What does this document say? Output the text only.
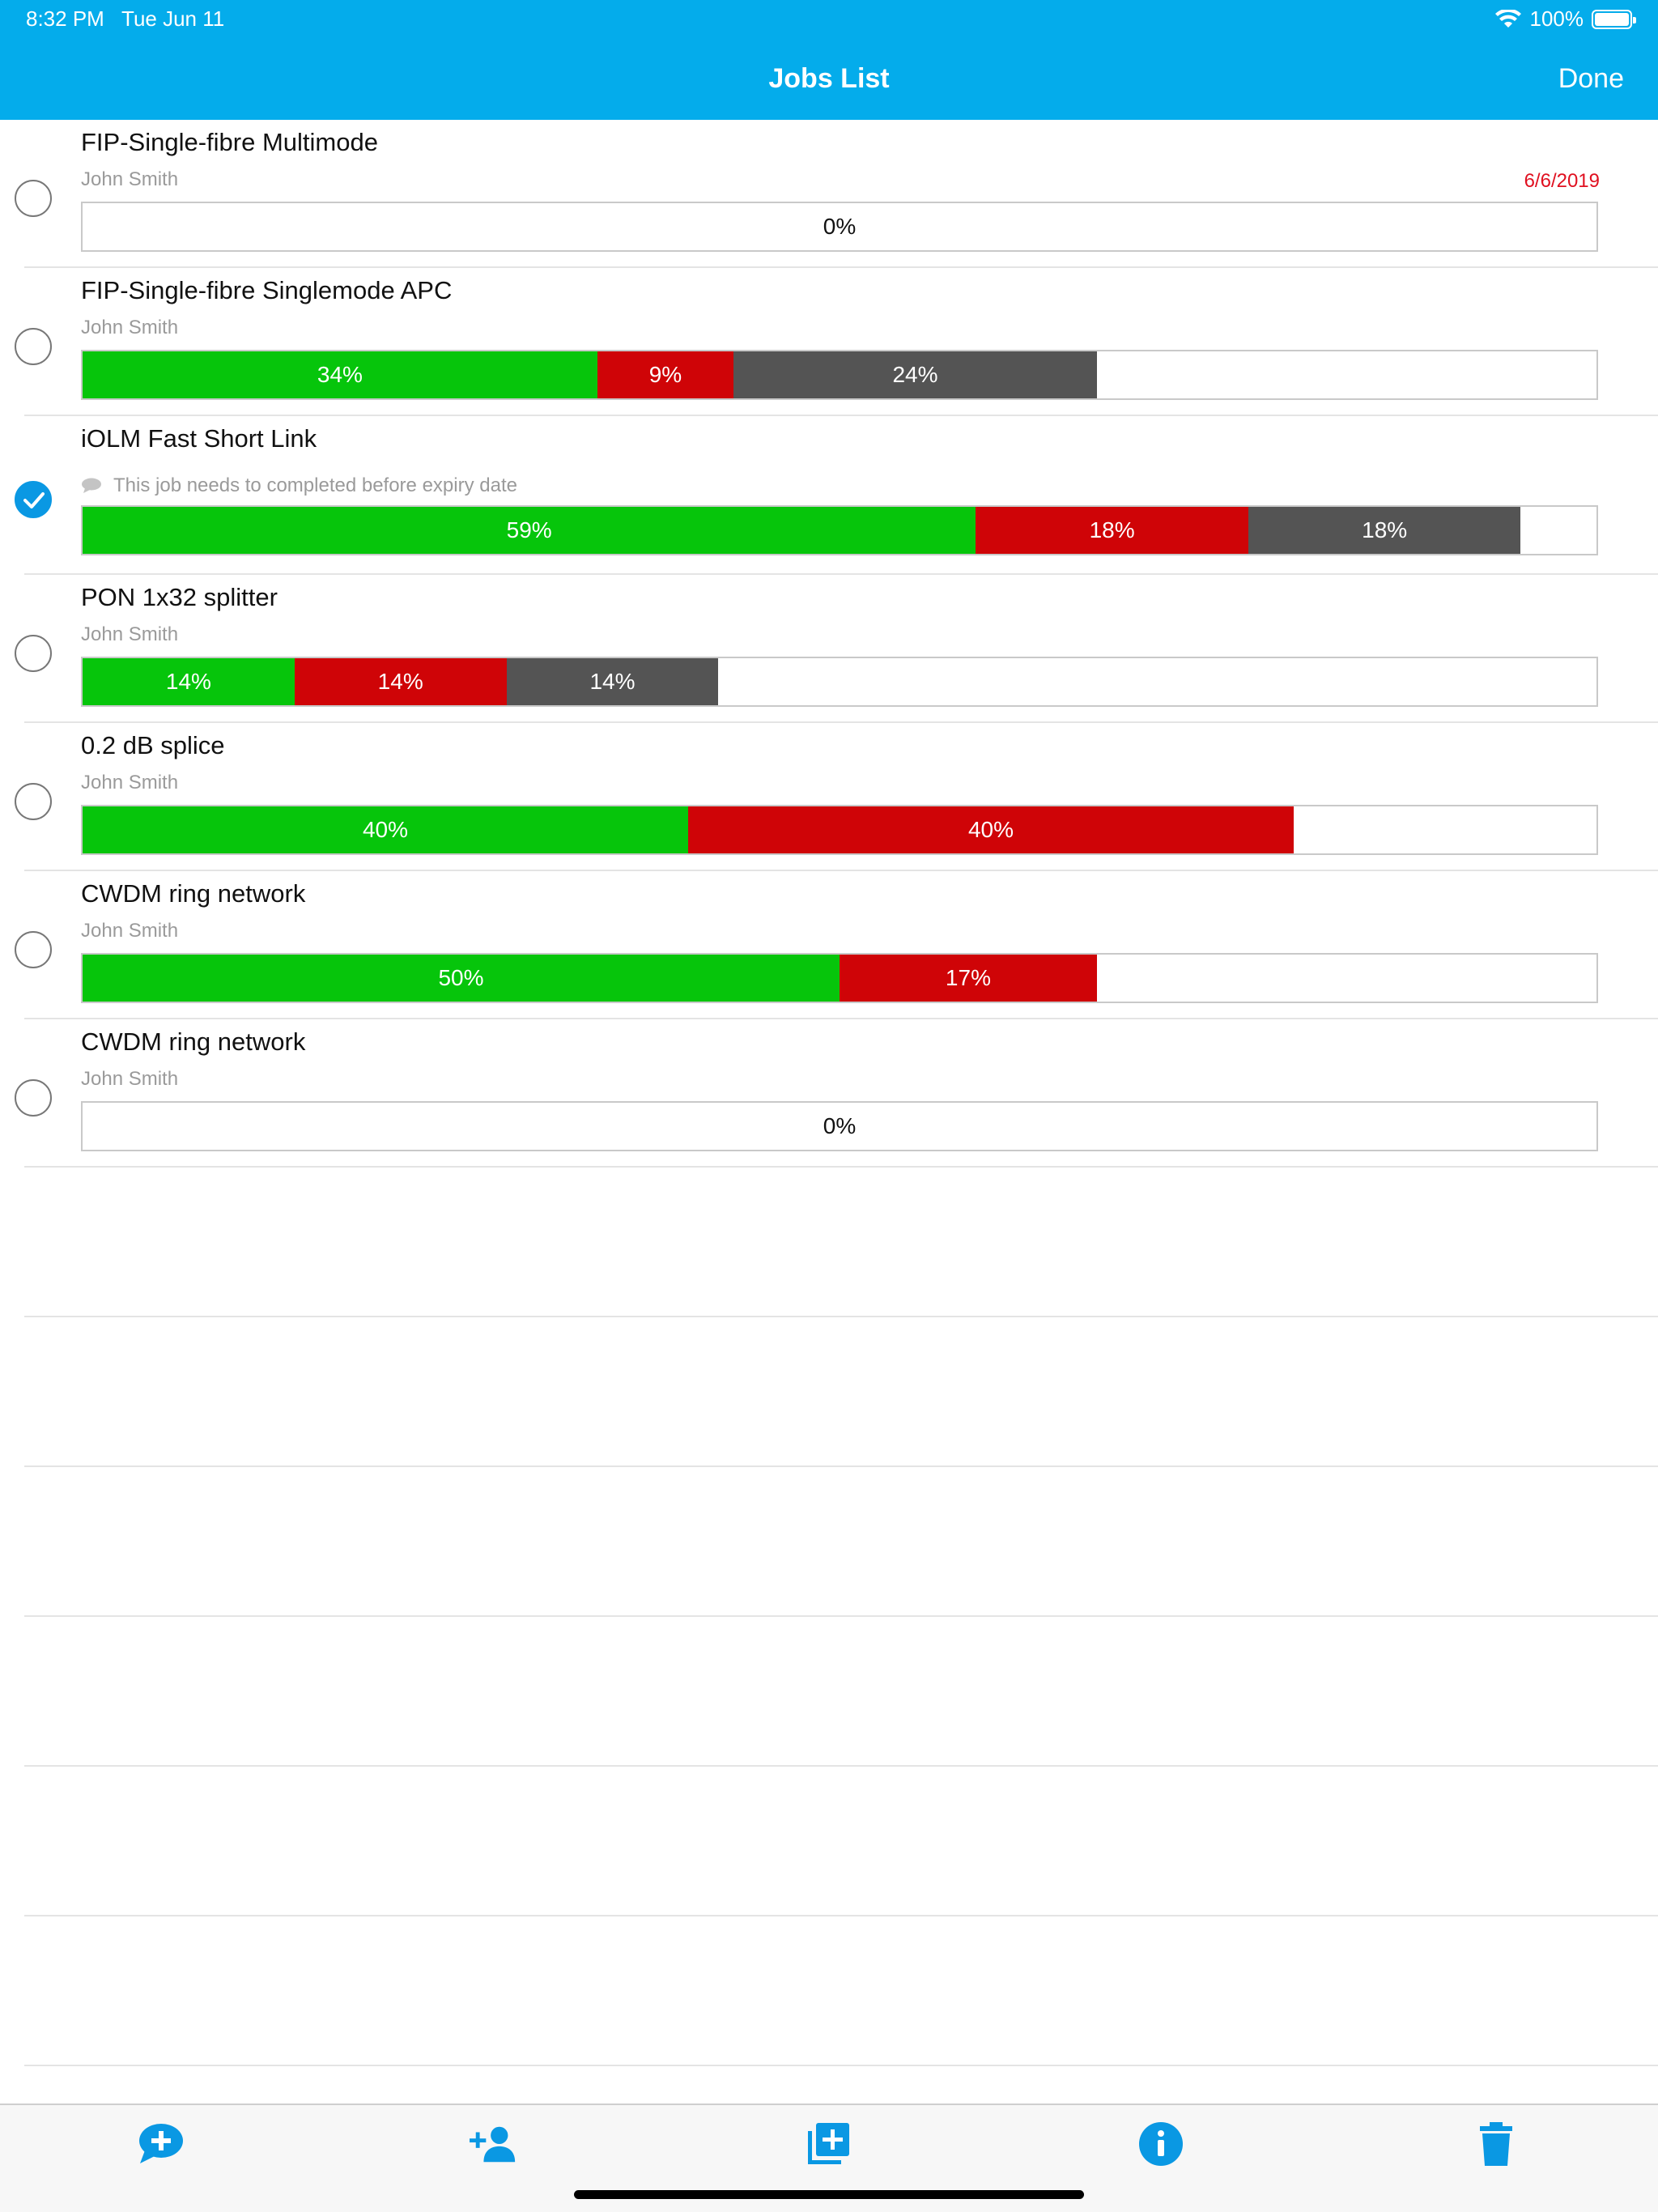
8:32 PM Tue Jun 11	100%
Jobs List	Done
FIP-Single-fibre Multimode
John Smith	6/6/2019
0%
FIP-Single-fibre Singlemode APC
John Smith
34%	9%	24%
iOLM Fast Short Link
This job needs to completed before expiry date
59%	18%	18%
PON 1x32 splitter
John Smith
14%	14%	14%
0.2 dB splice
John Smith
40%	40%
CWDM ring network
John Smith
50%	17%
CWDM ring network
John Smith
0%
